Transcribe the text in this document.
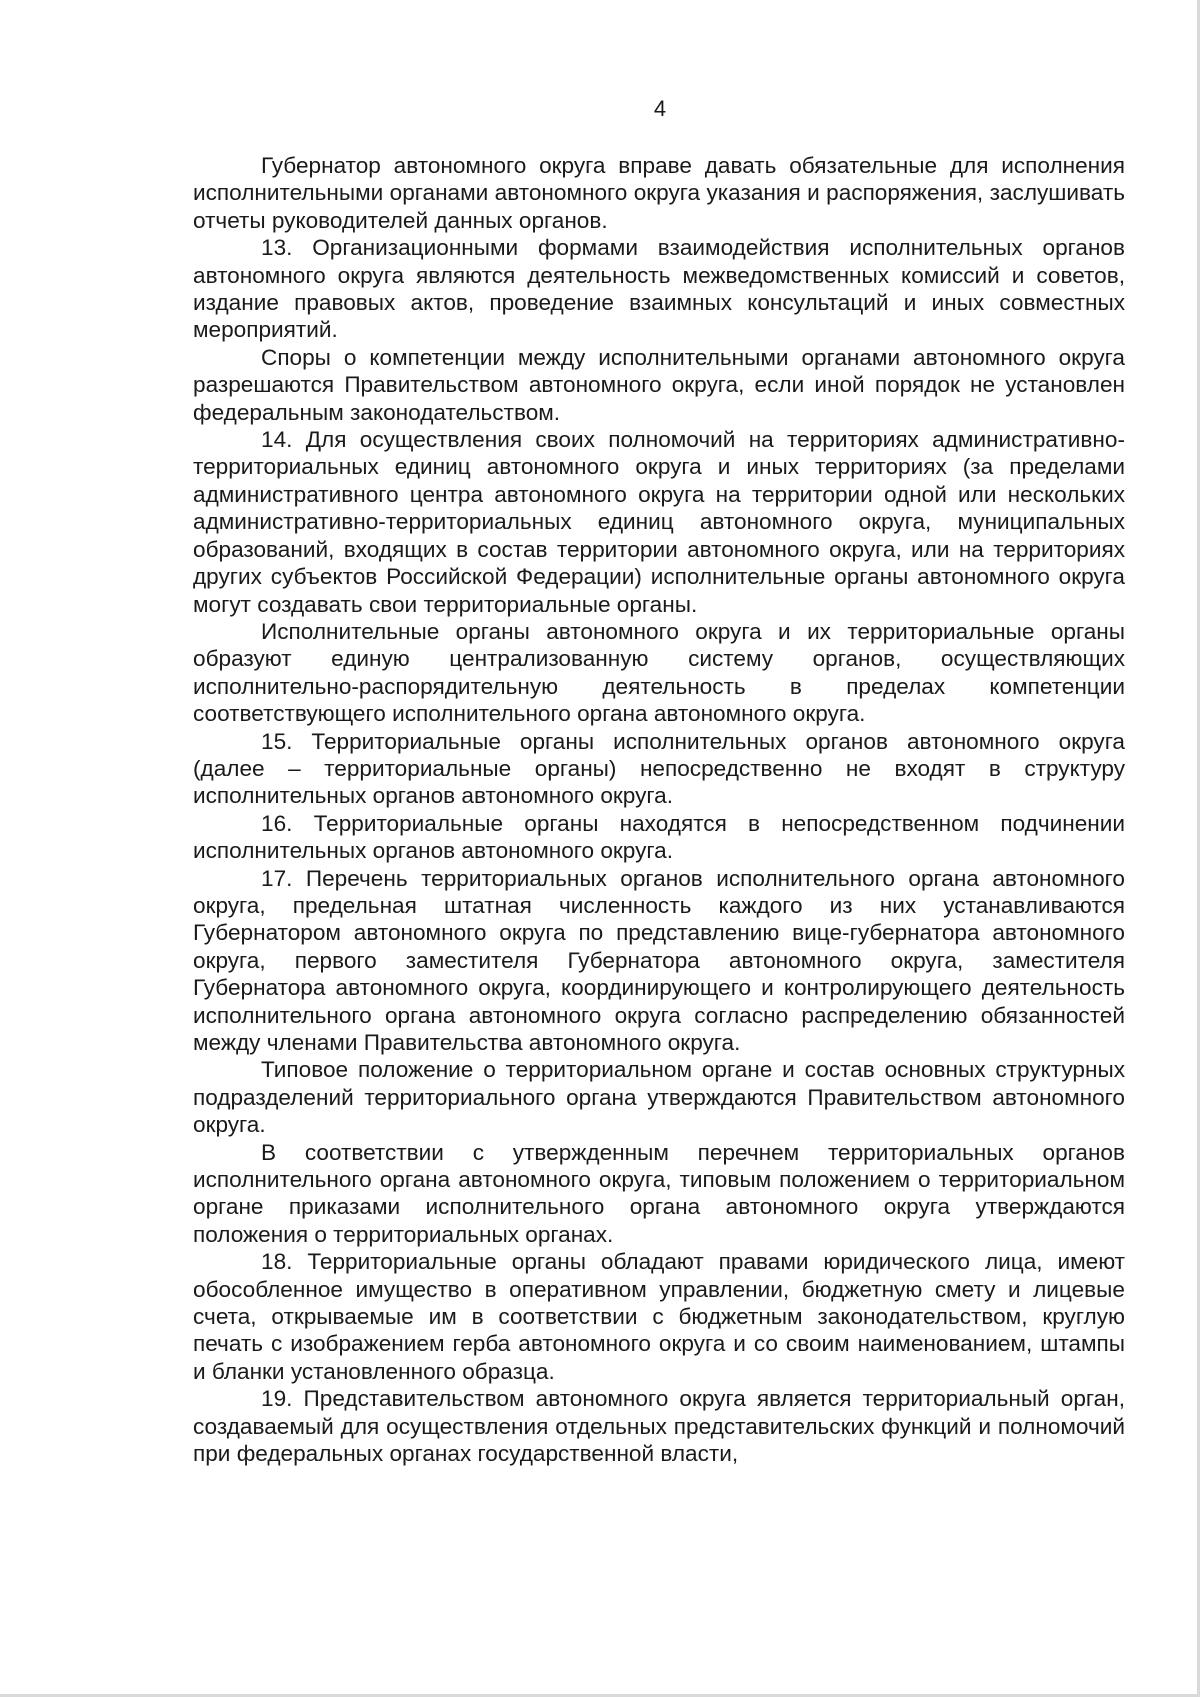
4

Губернатор автономного округа вправе давать обязательные для исполнения исполнительными органами автономного округа указания и распоряжения, заслушивать отчеты руководителей данных органов.

13. Организационными формами взаимодействия исполнительных органов автономного округа являются деятельность межведомственных комиссий и советов, издание правовых актов, проведение взаимных консультаций и иных совместных мероприятий.

Споры о компетенции между исполнительными органами автономного округа разрешаются Правительством автономного округа, если иной порядок не установлен федеральным законодательством.

14. Для осуществления своих полномочий на территориях административно-территориальных единиц автономного округа и иных территориях (за пределами административного центра автономного округа на территории одной или нескольких административно-территориальных единиц автономного округа, муниципальных образований, входящих в состав территории автономного округа, или на территориях других субъектов Российской Федерации) исполнительные органы автономного округа могут создавать свои территориальные органы.

Исполнительные органы автономного округа и их территориальные органы образуют единую централизованную систему органов, осуществляющих исполнительно-распорядительную деятельность в пределах компетенции соответствующего исполнительного органа автономного округа.

15. Территориальные органы исполнительных органов автономного округа (далее – территориальные органы) непосредственно не входят в структуру исполнительных органов автономного округа.

16. Территориальные органы находятся в непосредственном подчинении исполнительных органов автономного округа.

17. Перечень территориальных органов исполнительного органа автономного округа, предельная штатная численность каждого из них устанавливаются Губернатором автономного округа по представлению вице-губернатора автономного округа, первого заместителя Губернатора автономного округа, заместителя Губернатора автономного округа, координирующего и контролирующего деятельность исполнительного органа автономного округа согласно распределению обязанностей между членами Правительства автономного округа.

Типовое положение о территориальном органе и состав основных структурных подразделений территориального органа утверждаются Правительством автономного округа.

В соответствии с утвержденным перечнем территориальных органов исполнительного органа автономного округа, типовым положением о территориальном органе приказами исполнительного органа автономного округа утверждаются положения о территориальных органах.

18. Территориальные органы обладают правами юридического лица, имеют обособленное имущество в оперативном управлении, бюджетную смету и лицевые счета, открываемые им в соответствии с бюджетным законодательством, круглую печать с изображением герба автономного округа и со своим наименованием, штампы и бланки установленного образца.

19. Представительством автономного округа является территориальный орган, создаваемый для осуществления отдельных представительских функций и полномочий при федеральных органах государственной власти,
